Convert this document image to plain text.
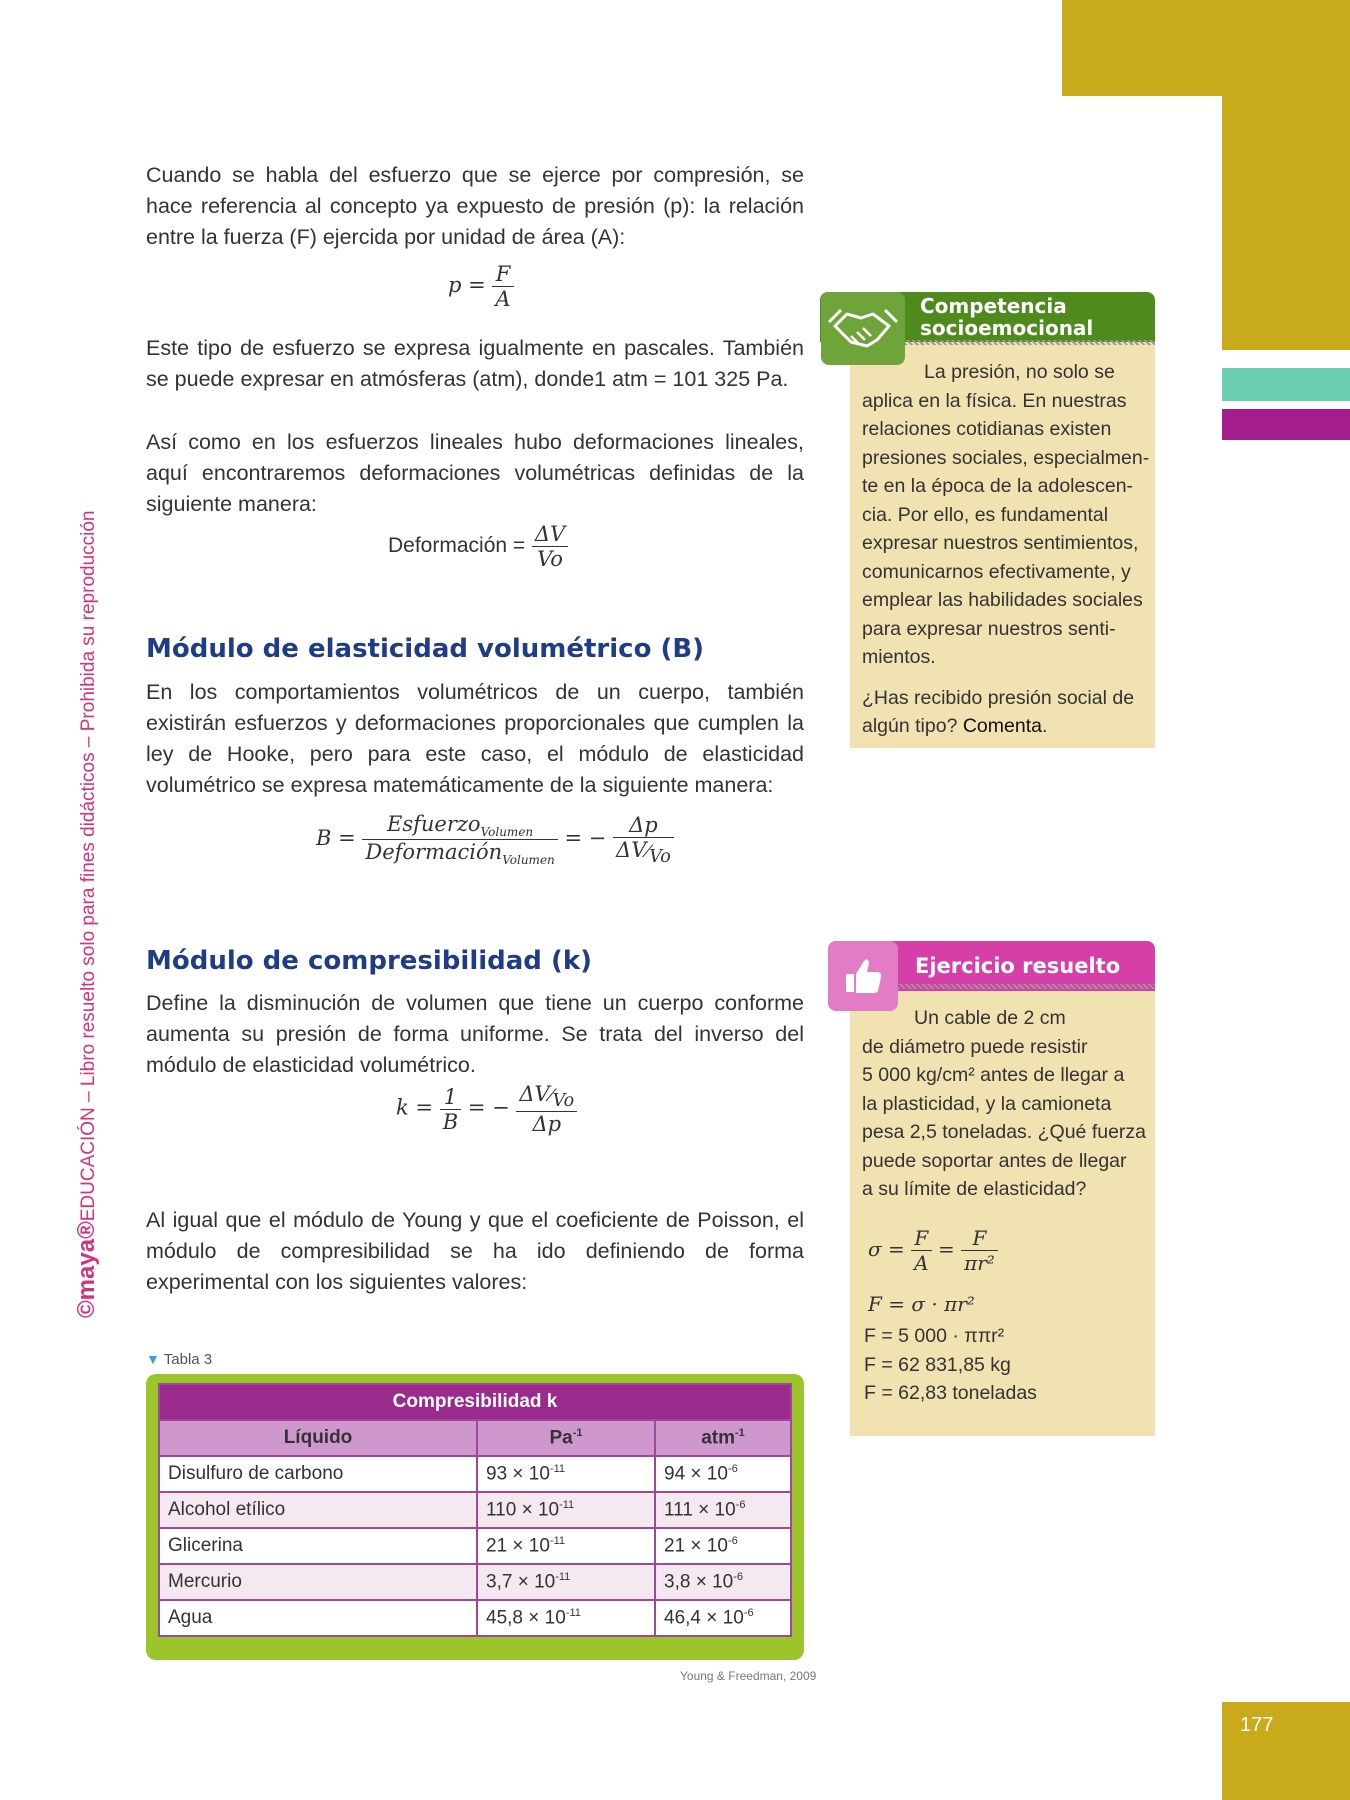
177
©maya®EDUCACIÓN – Libro resuelto solo para fines didácticos – Prohibida su reproducción
Cuando se habla del esfuerzo que se ejerce por compresión, se hace referencia al concepto ya expuesto de presión (p): la relación entre la fuerza (F) ejercida por unidad de área (A):
$p = \frac{F}{A}$
Este tipo de esfuerzo se expresa igualmente en pascales. También se puede expresar en atmósferas (atm), donde1 atm = 101 325 Pa.
Así como en los esfuerzos lineales hubo deformaciones lineales, aquí encontraremos deformaciones volumétricas definidas de la siguiente manera:
Deformación = $\frac{\Delta V}{Vo}$
Módulo de elasticidad volumétrico (B)
En los comportamientos volumétricos de un cuerpo, también existirán esfuerzos y deformaciones proporcionales que cumplen la ley de Hooke, pero para este caso, el módulo de elasticidad volumétrico se expresa matemáticamente de la siguiente manera:
$B = \frac{Esfuerzo_{Volumen}}{Deformación_{Volumen}}$ = − $\frac{\Delta p}{\Delta V⁄_{Vo}}$
Módulo de compresibilidad (k)
Define la disminución de volumen que tiene un cuerpo conforme aumenta su presión de forma uniforme. Se trata del inverso del módulo de elasticidad volumétrico.
$k = \frac{1}{B}$ = − $\frac{\Delta V⁄_{Vo}}{\Delta p}$
Al igual que el módulo de Young y que el coeficiente de Poisson, el módulo de compresibilidad se ha ido definiendo de forma experimental con los siguientes valores:
▼ Tabla 3
Compresibilidad k		
Líquido	$Pa^{-1}$	atm$^{-1}$
Disulfuro de carbono	$93 \times 10^{-11}$	$94 \times 10^{-6}$
Alcohol etílico	$110 \times 10^{-11}$	$111 \times 10^{-6}$
Glicerina	$21 \times 10^{-11}$	$21 \times 10^{-6}$
Mercurio	$3,7 \times 10^{-11}$	$3,8 \times 10^{-6}$
Agua	$45,8 \times 10^{-11}$	$46,4 \times 10^{-6}$
Young & Freedman, 2009
Competencia
socioemocional
La presión, no solo se
aplica en la física. En nuestras
relaciones cotidianas existen
presiones sociales, especialmen-
te en la época de la adolescen-
cia. Por ello, es fundamental
expresar nuestros sentimientos,
comunicarnos efectivamente, y
emplear las habilidades sociales
para expresar nuestros senti-
mientos.
¿Has recibido presión social de
algún tipo? Comenta.
Ejercicio resuelto
Un cable de 2 cm
de diámetro puede resistir
5 000 kg/cm² antes de llegar a
la plasticidad, y la camioneta
pesa 2,5 toneladas. ¿Qué fuerza
puede soportar antes de llegar
a su límite de elasticidad?
$\sigma = \frac{F}{A} = \frac{F}{\text{πr²}}$
F = σ · πr²
F = 5 000 · ππr²
F = 62 831,85 kg
F = 62,83 toneladas
